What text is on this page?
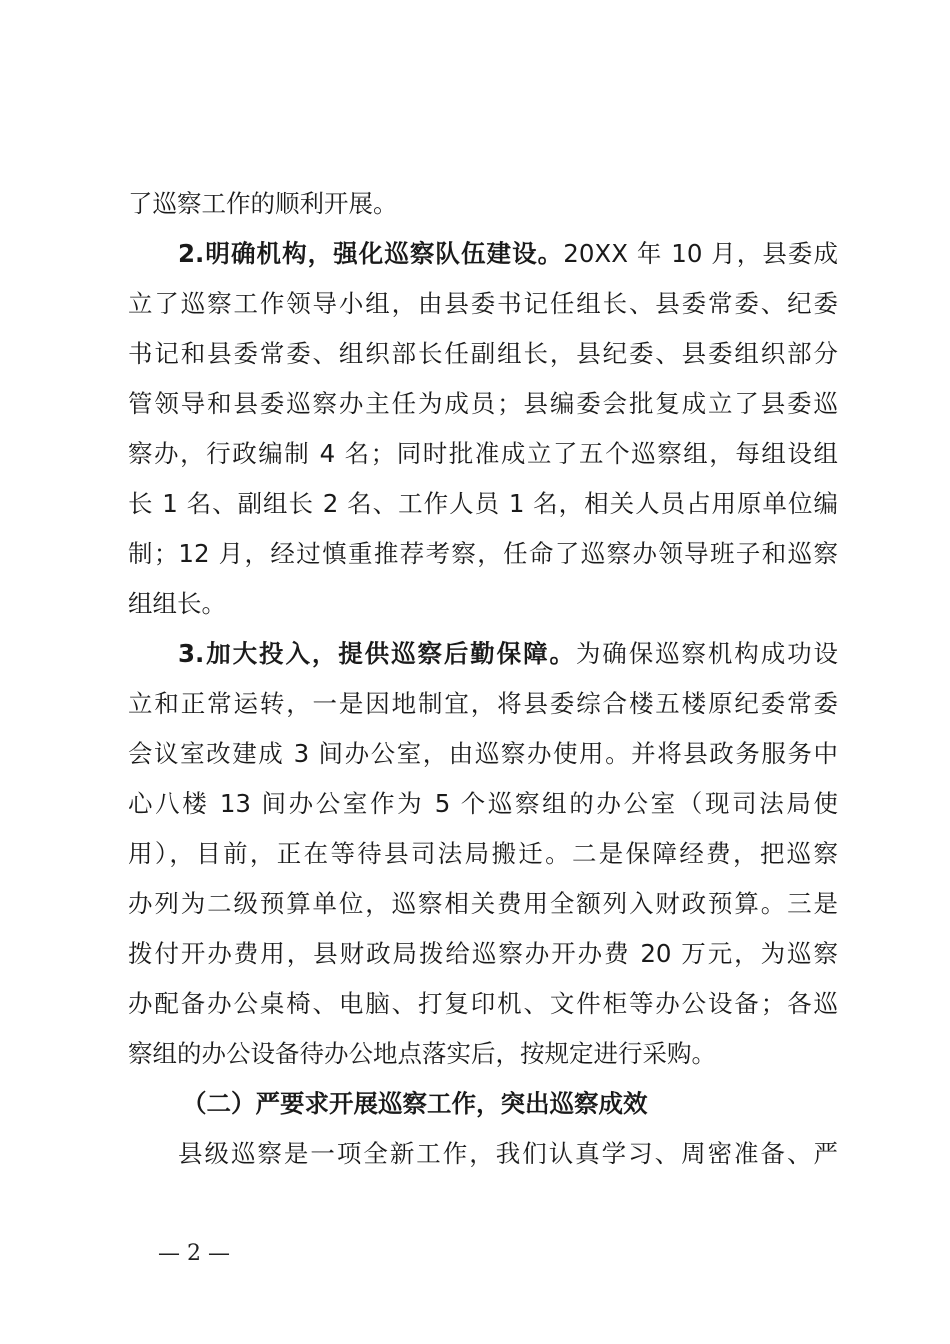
了巡察工作的顺利开展。
2.明确机构，强化巡察队伍建设。20XX 年 10 月，县委成
立了巡察工作领导小组，由县委书记任组长、县委常委、纪委
书记和县委常委、组织部长任副组长，县纪委、县委组织部分
管领导和县委巡察办主任为成员；县编委会批复成立了县委巡
察办，行政编制 4 名；同时批准成立了五个巡察组，每组设组
长 1 名、副组长 2 名、工作人员 1 名，相关人员占用原单位编
制；12 月，经过慎重推荐考察，任命了巡察办领导班子和巡察
组组长。
3.加大投入，提供巡察后勤保障。为确保巡察机构成功设
立和正常运转，一是因地制宜，将县委综合楼五楼原纪委常委
会议室改建成 3 间办公室，由巡察办使用。并将县政务服务中
心八楼 13 间办公室作为 5 个巡察组的办公室（现司法局使
用），目前，正在等待县司法局搬迁。二是保障经费，把巡察
办列为二级预算单位，巡察相关费用全额列入财政预算。三是
拨付开办费用，县财政局拨给巡察办开办费 20 万元，为巡察
办配备办公桌椅、电脑、打复印机、文件柜等办公设备；各巡
察组的办公设备待办公地点落实后，按规定进行采购。
（二）严要求开展巡察工作，突出巡察成效
县级巡察是一项全新工作，我们认真学习、周密准备、严
— 2 —
